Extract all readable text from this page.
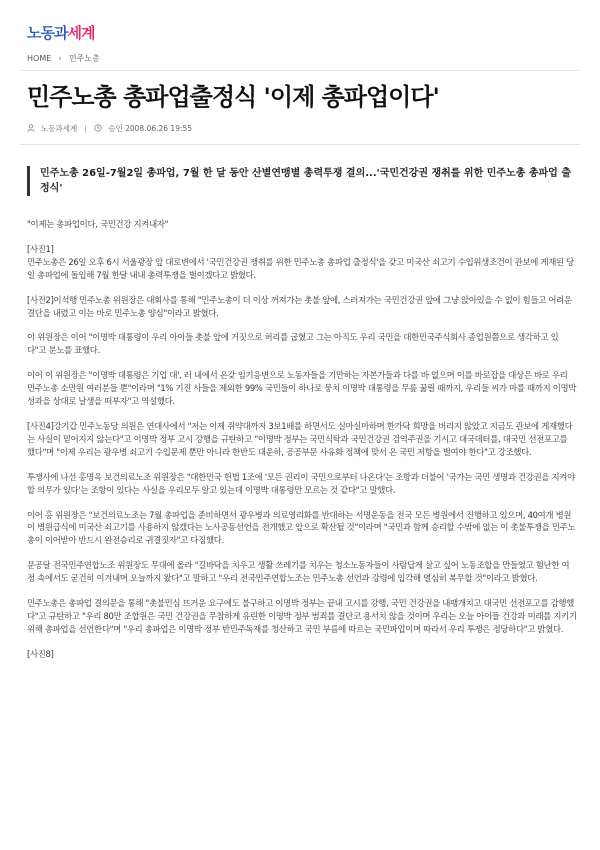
노동과세계
HOME › 민주노총
민주노총 총파업출정식 '이제 총파업이다'
노동과세계	승인 2008.06.26 19:55
민주노총 26일-7월2일 총파업, 7월 한 달 동안 산별연맹별 총력투쟁 결의...'국민건강권 쟁취를 위한 민주노총 총파업 출정식'

"이제는 총파업이다, 국민건강 지켜내자"

[사진1]
민주노총은 26일 오후 6시 서울광장 앞 대로변에서 '국민건강권 쟁취를 위한 민주노총 총파업 출정식'을 갖고 미국산 쇠고기 수입위생조건이 관보에 게재된 당일 총파업에 돌입해 7월 한달 내내 총력투쟁을 벌이겠다고 밝혔다.

[사진2]이석행 민주노총 위원장은 대회사를 통해 "민주노총이 더 이상 꺼져가는 촛불 앞에, 스러져가는 국민건강권 앞에 그냥 앉아있을 수 없이 힘들고 어려운 결단을 내렸고 이는 바로 민주노총 양심"이라고 밝혔다.

이 위원장은 이어 "이명박 대통령이 우리 아이들 촛불 앞에 거짓으로 허리를 굽혔고 그는 아직도 우리 국민을 대한민국주식회사 종업원쯤으로 생각하고 있다"고 분노를 표했다.

이어 이 위원장은 "이명박 대통령은 기업 대', 러 내에서 온갖 임기응변으로 노동자들을 기만하는 자본가들과 다를 바 없으며 이를 바로잡을 대상은 바로 우리 민주노총 소만원 여러분들 뿐"이라며 "1% 기진 사들을 제외한 99% 국민들이 하나로 뭉치 이명박 대통령을 무릎 꿇릴 때까지, 우리들 씨가 마를 때까지 이명박 성과을 상대로 날생을 떠부자"고 역설했다.

[사진4]강기갑 민주노동당 의원은 연대사에서 "저는 이제 쥐약대까지 3보1배를 하면서도 실마실마하며 한가닥 희망을 버리지 않았고 지금도 관보에 게재했다는 사실이 믿어지지 않는다"고 이명박 정부 고시 강행을 규탄하고 "이명박 정부는 국민식탁과 국민건강권 검역주권을 기시고 대국데터를, 대국민 선전포고를 했다"며 "이제 우리는 광우병 쇠고기 수입문제 뿐만 아니라 한반도 대운하, 공공부문 사유화 정책에 맞서 온 국민 저항을 벌여야 한다"고 강조했다.

투쟁사에 나선 홍명옥 보건의료노조 위원장은 "대한민국 헌법 1조에 '모든 권리이 국민으로부터 나온다'는 조항과 더불어 '국가는 국민 생명과 건강권을 지켜야 할 의무가 있다'는 조항이 있다는 사실을 우리모두 알고 있는데 이명박 대통령만 모르는 것 같다"고 말했다.

이어 홍 위원장은 "보건의료노조는 7월 총파업을 준비하면서 광우병과 의료영리화를 반대하는 서명운동을 전국 모든 병원에서 진행하고 있으며, 40여개 병원이 병원급식에 미국산 쇠고기를 사용하지 않겠다는 노사공동선언을 전개했고 앞으로 확산될 것"이라며 "국민과 함께 승리할 수밖에 없는 이 촛불투쟁을 민주노총이 이어받아 반드시 완전승리로 귀결짓자"고 다짐했다.

문공달 전국민주연합노조 위원장도 무대에 올라 "길바닥을 치우고 생활 쓰레기를 치우는 청소노동자들이 사람답게 살고 싶어 노동조합을 만들었고 험난한 여정 속에서도 굳건히 이겨내며 오늘까지 왔다"고 말하고 "우리 전국민주연합노조는 민주노총 선언과 강령에 입각해 열심히 복무할 것"이라고 밝혔다.

민주노총은 총파업 결의문을 통해 "촛불민심 뜨거운 요구에도 불구하고 이명박 정부는 끝내 고시를 강행, 국민 건강권을 내팽개치고 대국민 선전포고를 감행했다"고 규탄하고 "우리 80만 조합원은 국민 건강권을 무참하게 유린한 이명박 정부 범죄를 결단코 용서치 않을 것이며 우리는 오늘 아이들 건강과 미래를 지키기 위해 총파업을 선언한다"며 "우리 총파업은 이명박 정부 반민주독재를 청산하고 국민 부름에 따르는 국민파업이며 따라서 우리 투쟁은 정당하다"고 밝혔다.

[사진8]
